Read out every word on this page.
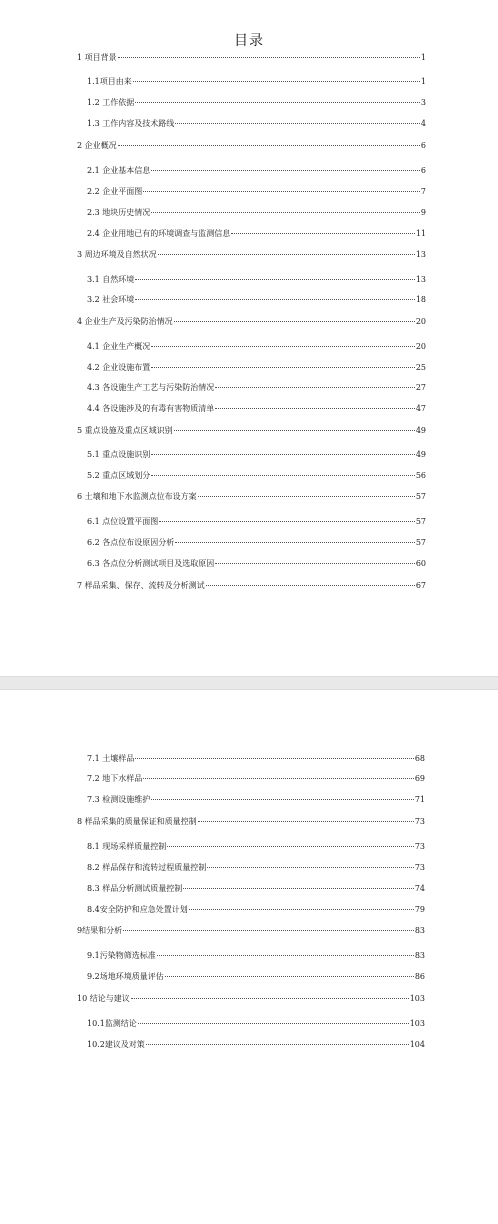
目录
1 项目背景	1
1.1项目由来	1
1.2 工作依据	3
1.3 工作内容及技术路线	4
2 企业概况	6
2.1 企业基本信息	6
2.2 企业平面图	7
2.3 地块历史情况	9
2.4 企业用地已有的环境调查与监测信息	11
3 周边环境及自然状况	13
3.1 自然环境	13
3.2 社会环境	18
4 企业生产及污染防治情况	20
4.1 企业生产概况	20
4.2 企业设施布置	25
4.3 各设施生产工艺与污染防治情况	27
4.4 各设施涉及的有毒有害物质清单	47
5 重点设施及重点区域识别	49
5.1 重点设施识别	49
5.2 重点区域划分	56
6 土壤和地下水监测点位布设方案	57
6.1 点位设置平面图	57
6.2 各点位布设原因分析	57
6.3 各点位分析测试项目及选取原因	60
7 样品采集、保存、流转及分析测试	67
7.1 土壤样品	68
7.2 地下水样品	69
7.3 检测设施维护	71
8 样品采集的质量保证和质量控制	73
8.1 现场采样质量控制	73
8.2 样品保存和流转过程质量控制	73
8.3 样品分析测试质量控制	74
8.4安全防护和应急处置计划	79
9结果和分析	83
9.1污染物筛选标准	83
9.2场地环境质量评估	86
10 结论与建议	103
10.1监测结论	103
10.2建议及对策	104
